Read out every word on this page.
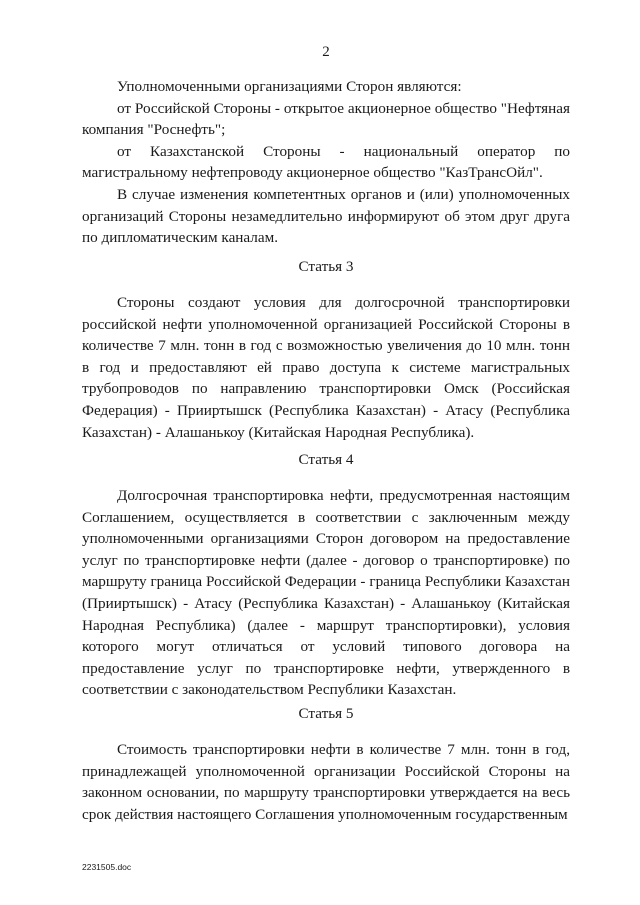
2

Уполномоченными организациями Сторон являются:

от Российской Стороны - открытое акционерное общество "Нефтяная компания "Роснефть";

от Казахстанской Стороны - национальный оператор по магистральному нефтепроводу акционерное общество "КазТрансОйл".

В случае изменения компетентных органов и (или) уполномоченных организаций Стороны незамедлительно информируют об этом друг друга по дипломатическим каналам.

Статья 3

Стороны создают условия для долгосрочной транспортировки российской нефти уполномоченной организацией Российской Стороны в количестве 7 млн. тонн в год с возможностью увеличения до 10 млн. тонн в год и предоставляют ей право доступа к системе магистральных трубопроводов по направлению транспортировки Омск (Российская Федерация) - Прииртышск (Республика Казахстан) - Атасу (Республика Казахстан) - Алашанькоу (Китайская Народная Республика).

Статья 4

Долгосрочная транспортировка нефти, предусмотренная настоящим Соглашением, осуществляется в соответствии с заключенным между уполномоченными организациями Сторон договором на предоставление услуг по транспортировке нефти (далее - договор о транспортировке) по маршруту граница Российской Федерации - граница Республики Казахстан (Прииртышск) - Атасу (Республика Казахстан) - Алашанькоу (Китайская Народная Республика) (далее - маршрут транспортировки), условия которого могут отличаться от условий типового договора на предоставление услуг по транспортировке нефти, утвержденного в соответствии с законодательством Республики Казахстан.

Статья 5

Стоимость транспортировки нефти в количестве 7 млн. тонн в год, принадлежащей уполномоченной организации Российской Стороны на законном основании, по маршруту транспортировки утверждается на весь срок действия настоящего Соглашения уполномоченным государственным

2231505.doc
